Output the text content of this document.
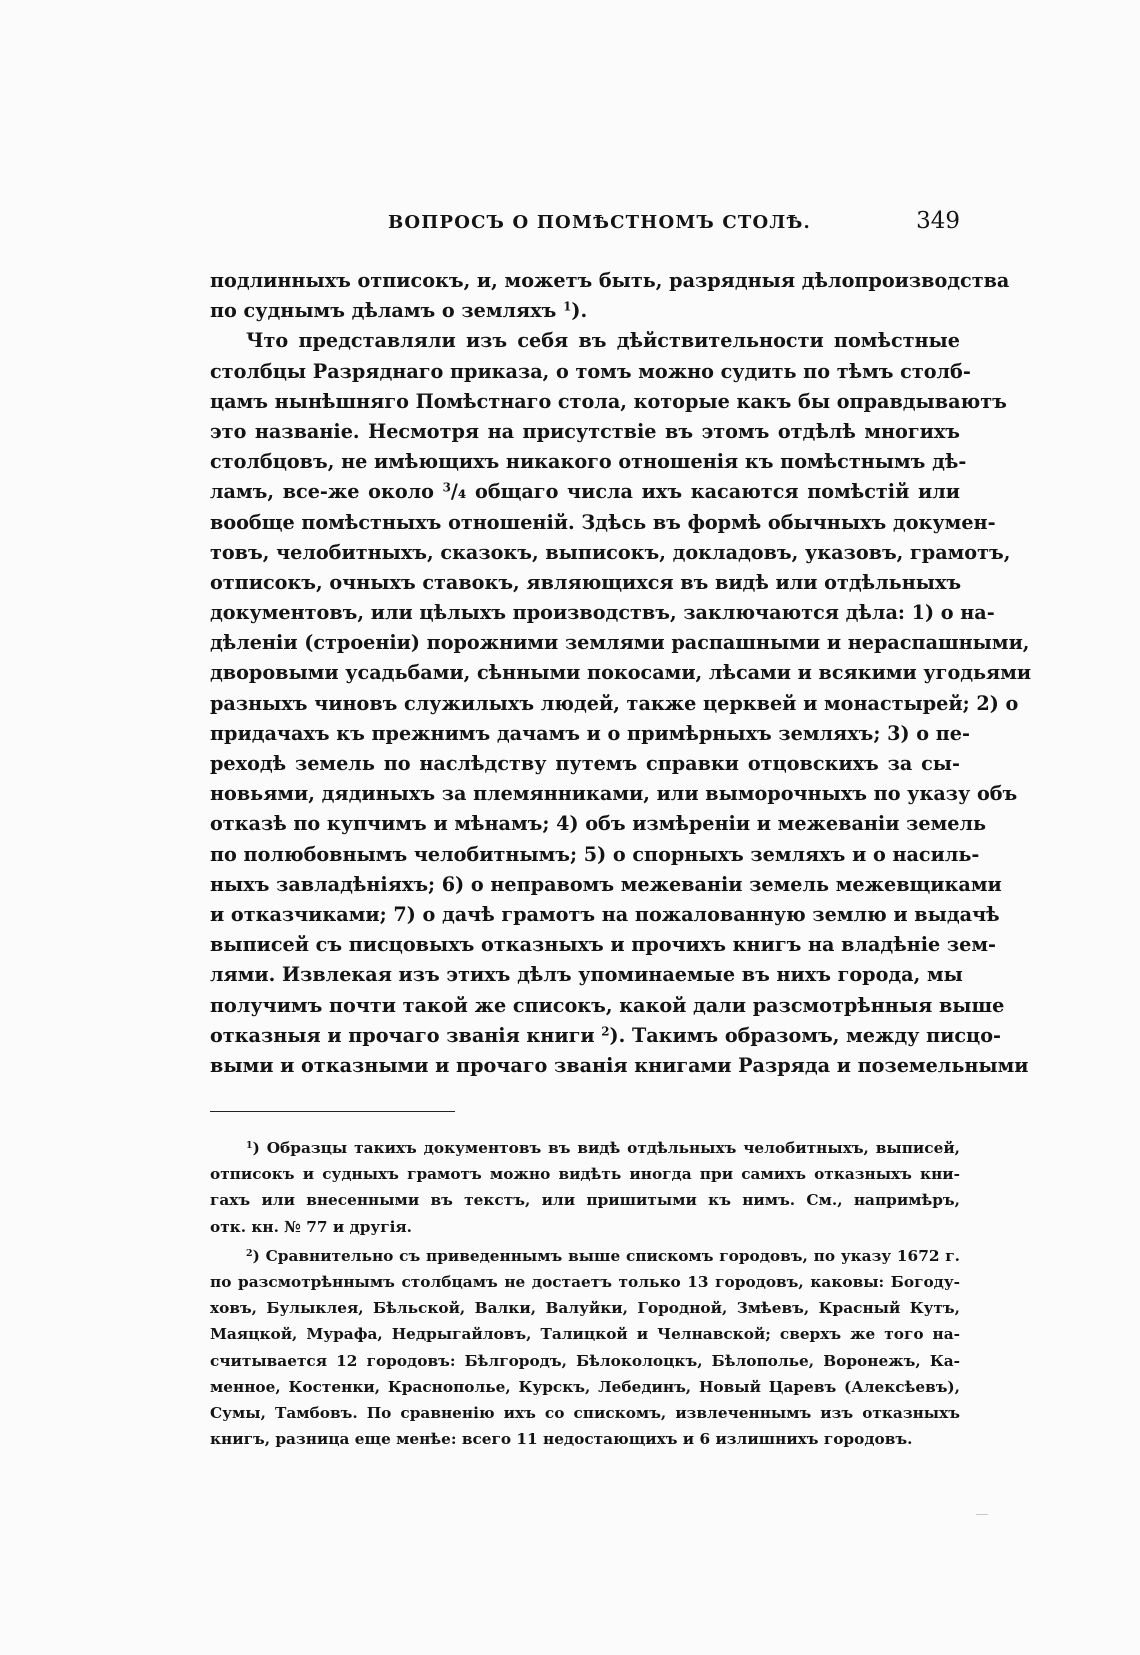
ВОПРОСЪ О ПОМѢСТНОМЪ СТОЛѢ.	349
подлинныхъ отписокъ, и, можетъ быть, разрядныя дѣлопроизводства
по суднымъ дѣламъ о земляхъ $^1$).
Что представляли изъ себя въ дѣйствительности помѣстные
столбцы Разряднаго приказа, о томъ можно судить по тѣмъ столб-
цамъ нынѣшняго Помѣстнаго стола, которые какъ бы оправдываютъ
это названіе. Несмотря на присутствіе въ этомъ отдѣлѣ многихъ
столбцовъ, не имѣющихъ никакого отношенія къ помѣстнымъ дѣ-
ламъ, все-же около $^3$/₄ общаго числа ихъ касаются помѣстій или
вообще помѣстныхъ отношеній. Здѣсь въ формѣ обычныхъ докумен-
товъ, челобитныхъ, сказокъ, выписокъ, докладовъ, указовъ, грамотъ,
отписокъ, очныхъ ставокъ, являющихся въ видѣ или отдѣльныхъ
документовъ, или цѣлыхъ производствъ, заключаются дѣла: 1) о на-
дѣленіи (строеніи) порожними землями распашными и нераспашными,
дворовыми усадьбами, сѣнными покосами, лѣсами и всякими угодьями
разныхъ чиновъ служилыхъ людей, также церквей и монастырей; 2) о
придачахъ къ прежнимъ дачамъ и о примѣрныхъ земляхъ; 3) о пе-
реходѣ земель по наслѣдству путемъ справки отцовскихъ за сы-
новьями, дядиныхъ за племянниками, или выморочныхъ по указу объ
отказѣ по купчимъ и мѣнамъ; 4) объ измѣреніи и межеваніи земель
по полюбовнымъ челобитнымъ; 5) о спорныхъ земляхъ и о насиль-
ныхъ завладѣніяхъ; 6) о неправомъ межеваніи земель межевщиками
и отказчиками; 7) о дачѣ грамотъ на пожалованную землю и выдачѣ
выписей съ писцовыхъ отказныхъ и прочихъ книгъ на владѣніе зем-
лями. Извлекая изъ этихъ дѣлъ упоминаемые въ нихъ города, мы
получимъ почти такой же списокъ, какой дали разсмотрѣнныя выше
отказныя и прочаго званія книги $^2$). Такимъ образомъ, между писцо-
выми и отказными и прочаго званія книгами Разряда и поземельными
$^1$) Образцы такихъ документовъ въ видѣ отдѣльныхъ челобитныхъ, выписей,
отписокъ и судныхъ грамотъ можно видѣть иногда при самихъ отказныхъ кни-
гахъ или внесенными въ текстъ, или пришитыми къ нимъ. См., напримѣръ,
отк. кн. № 77 и другія.
$^2$) Сравнительно съ приведеннымъ выше спискомъ городовъ, по указу 1672 г.
по разсмотрѣннымъ столбцамъ не достаетъ только 13 городовъ, каковы: Богоду-
ховъ, Булыклея, Бѣльской, Валки, Валуйки, Городной, Змѣевъ, Красный Кутъ,
Маяцкой, Мурафа, Недрыгайловъ, Талицкой и Челнавской; сверхъ же того на-
считывается 12 городовъ: Бѣлгородъ, Бѣлоколоцкъ, Бѣлополье, Воронежъ, Ка-
менное, Костенки, Краснополье, Курскъ, Лебединъ, Новый Царевъ (Алексѣевъ),
Сумы, Тамбовъ. По сравненію ихъ со спискомъ, извлеченнымъ изъ отказныхъ
книгъ, разница еще менѣе: всего 11 недостающихъ и 6 излишнихъ городовъ.
